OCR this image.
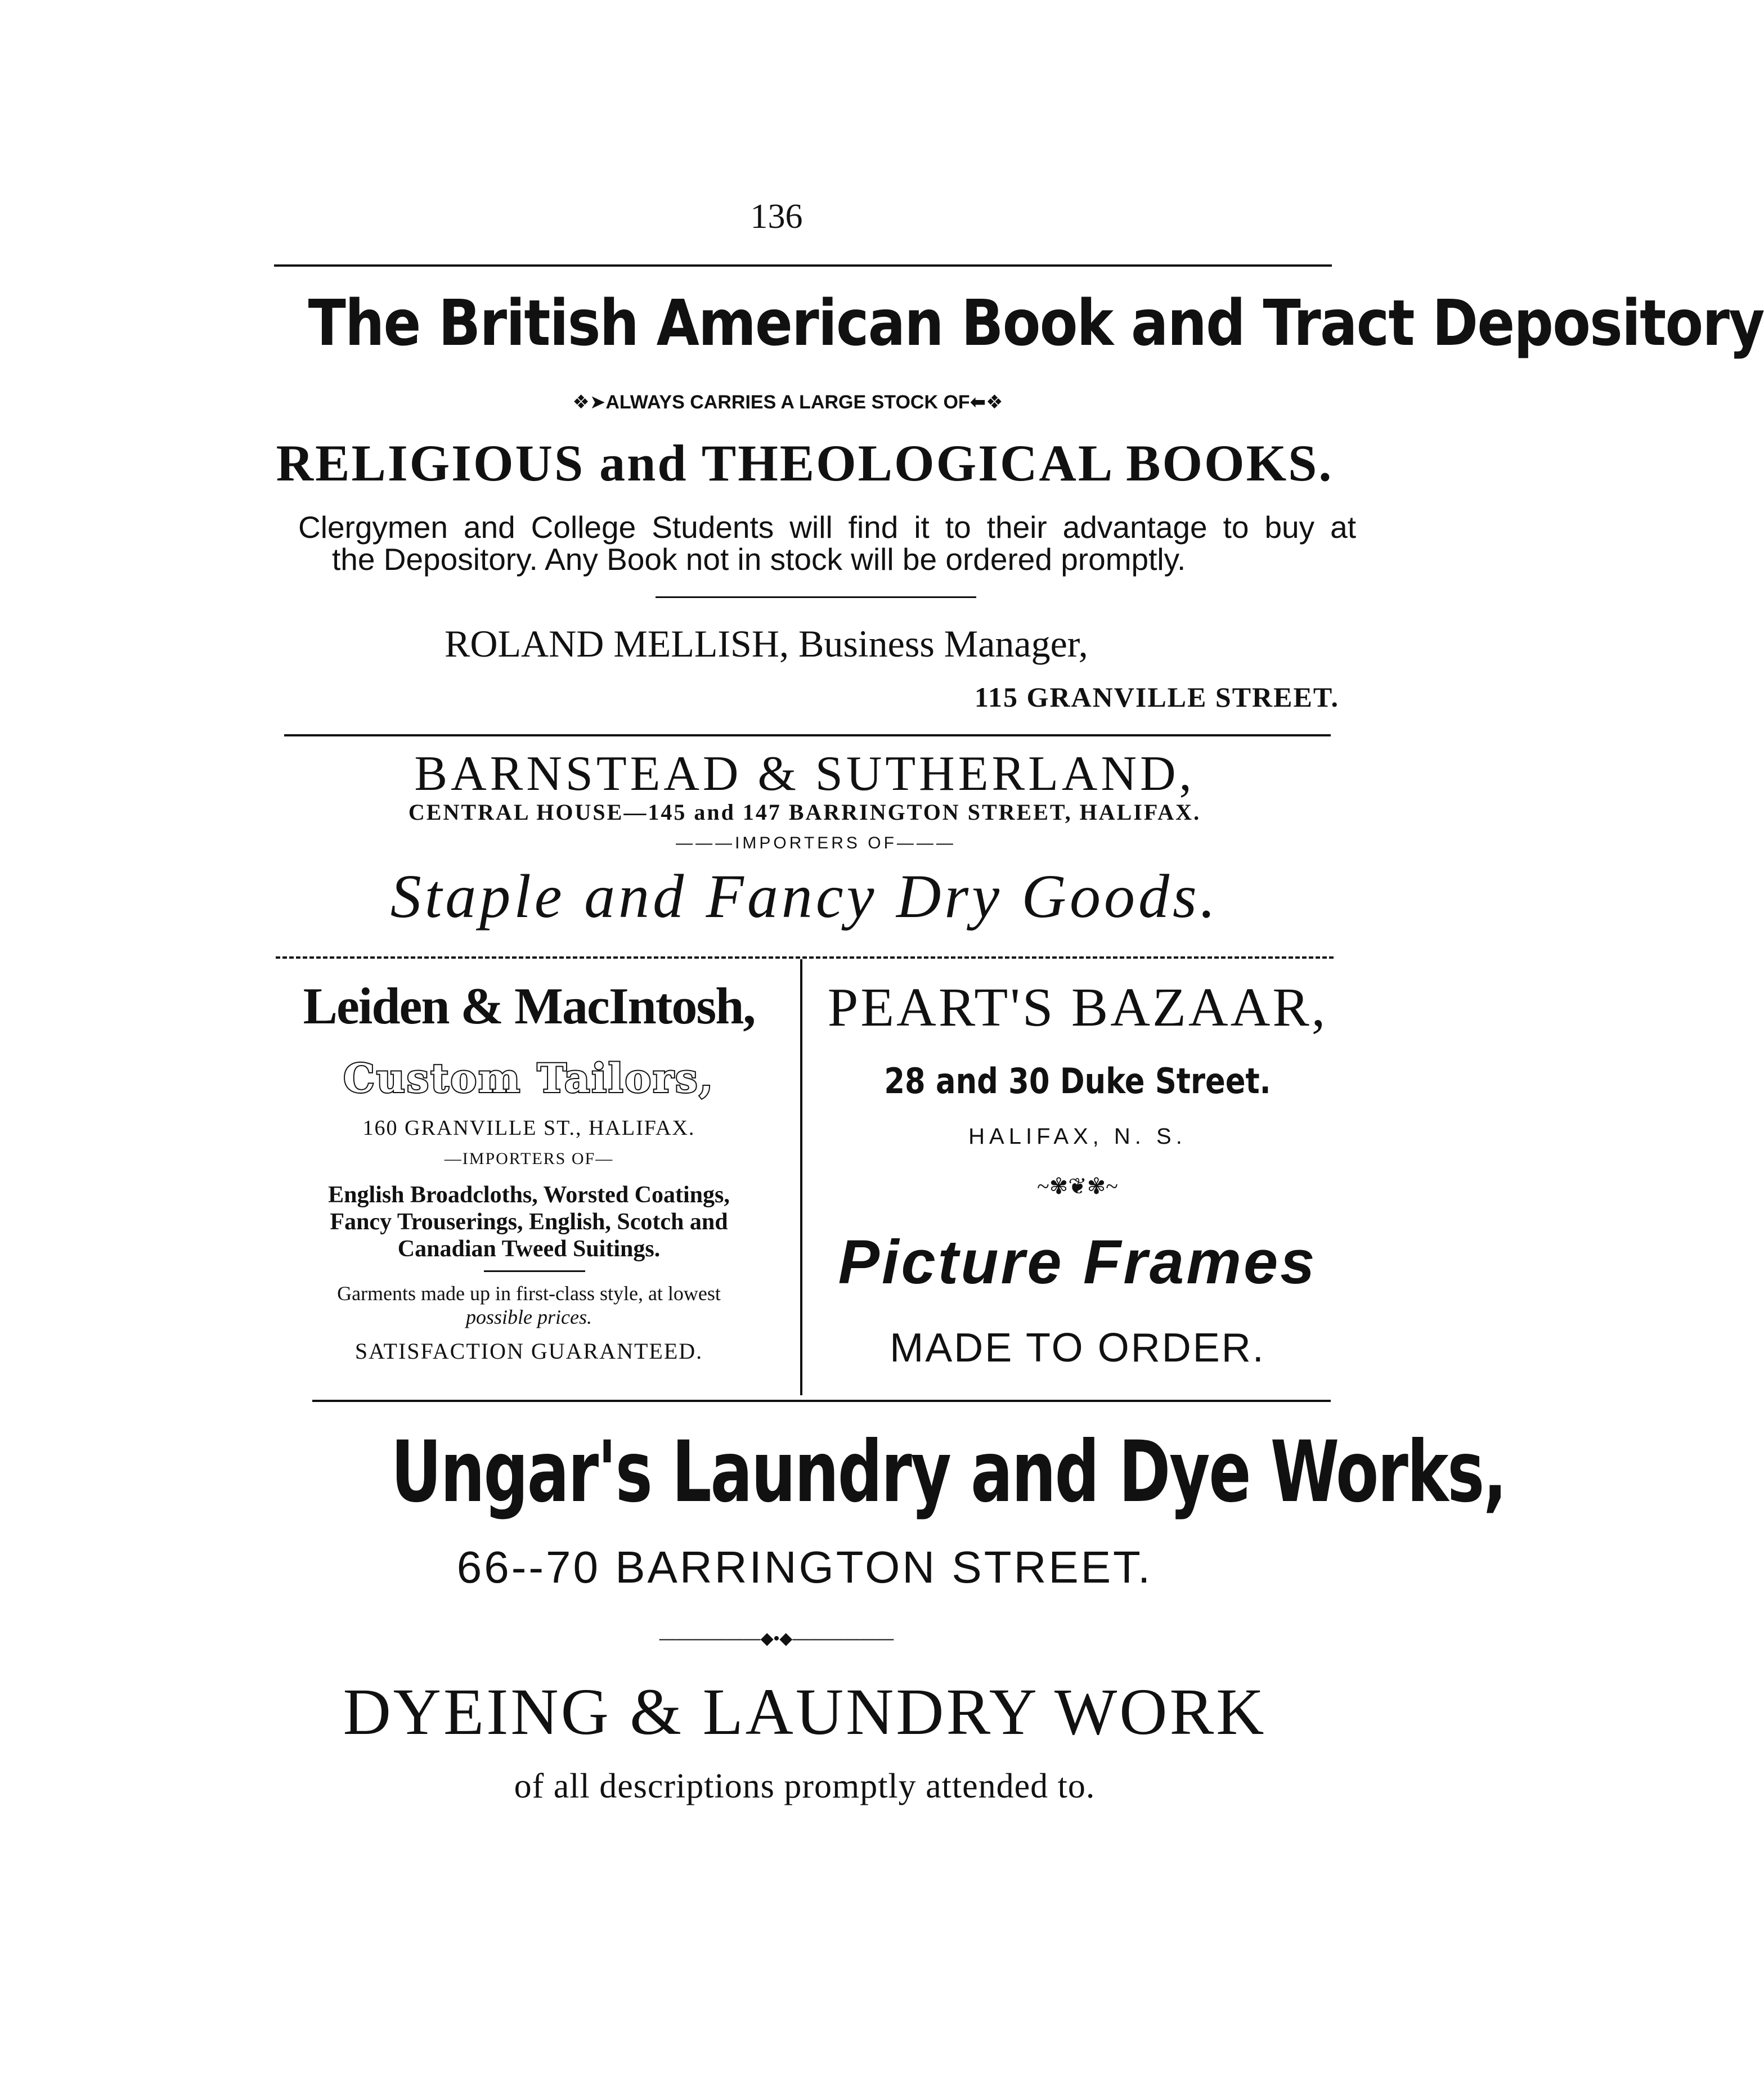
136
The British American Book and Tract Depository
❖➤ALWAYS CARRIES A LARGE STOCK OF⬅❖
RELIGIOUS and THEOLOGICAL BOOKS.
Clergymen and College Students will find it to their advantage to buy at
the Depository. Any Book not in stock will be ordered promptly.
ROLAND MELLISH, Business Manager,
115 GRANVILLE STREET.
BARNSTEAD & SUTHERLAND,
CENTRAL HOUSE—145 and 147 BARRINGTON STREET, HALIFAX.
———IMPORTERS OF———
Staple and Fancy Dry Goods.
Leiden & MacIntosh,
Custom Tailors,
160 GRANVILLE ST., HALIFAX.
—IMPORTERS OF—
English Broadcloths, Worsted Coatings,
Fancy Trouserings, English, Scotch and
Canadian Tweed Suitings.
Garments made up in first-class style, at lowest
possible prices.
SATISFACTION GUARANTEED.
PEART'S BAZAAR,
28 and 30 Duke Street.
HALIFAX, N. S.
~✾❦✾~
Picture Frames
MADE TO ORDER.
Ungar's Laundry and Dye Works,
66--70 BARRINGTON STREET.
——————◆•◆——————
DYEING & LAUNDRY WORK
of all descriptions promptly attended to.
